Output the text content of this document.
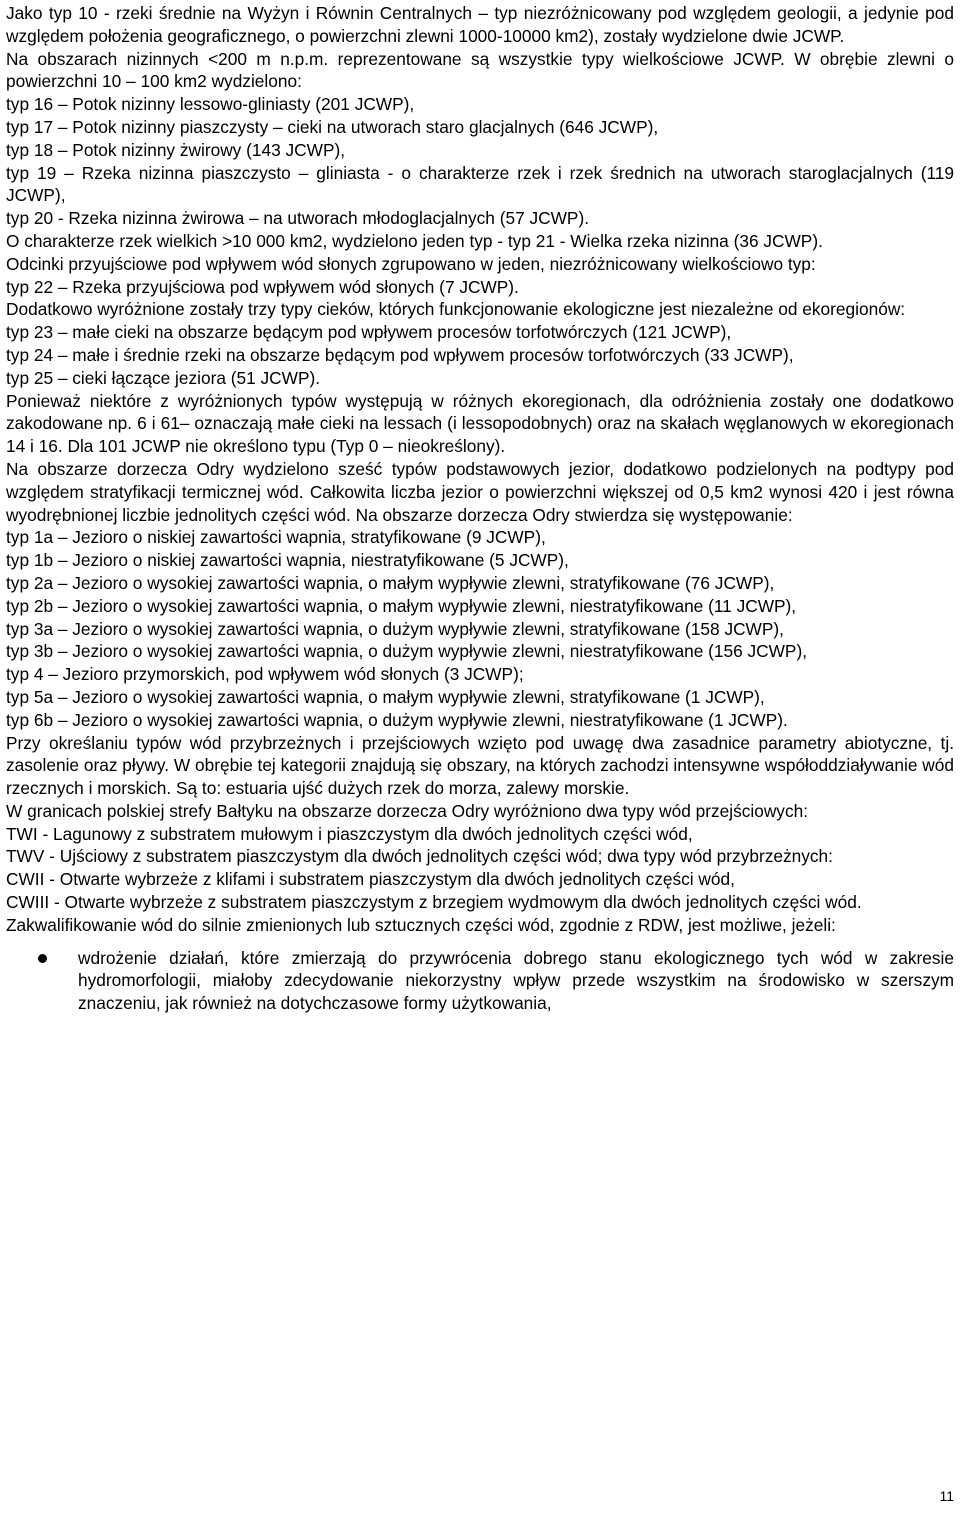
Jako typ 10 - rzeki średnie na Wyżyn i Równin Centralnych – typ niezróżnicowany pod względem geologii, a jedynie pod względem położenia geograficznego, o powierzchni zlewni 1000-10000 km2), zostały wydzielone dwie JCWP.

Na obszarach nizinnych <200 m n.p.m. reprezentowane są wszystkie typy wielkościowe JCWP. W obrębie zlewni o powierzchni 10 – 100 km2 wydzielono:

typ 16 – Potok nizinny lessowo-gliniasty (201 JCWP),

typ 17 – Potok nizinny piaszczysty – cieki na utworach staro glacjalnych (646 JCWP),

typ 18 – Potok nizinny żwirowy (143 JCWP),

typ 19 – Rzeka nizinna piaszczysto – gliniasta - o charakterze rzek i rzek średnich na utworach staroglacjalnych (119 JCWP),

typ 20 - Rzeka nizinna żwirowa – na utworach młodoglacjalnych (57 JCWP).

O charakterze rzek wielkich >10 000 km2, wydzielono jeden typ - typ 21 - Wielka rzeka nizinna (36 JCWP).

Odcinki przyujściowe pod wpływem wód słonych zgrupowano w jeden, niezróżnicowany wielkościowo typ:

typ 22 – Rzeka przyujściowa pod wpływem wód słonych (7 JCWP).

Dodatkowo wyróżnione zostały trzy typy cieków, których funkcjonowanie ekologiczne jest niezależne od ekoregionów:

typ 23 – małe cieki na obszarze będącym pod wpływem procesów torfotwórczych (121 JCWP),

typ 24 – małe i średnie rzeki na obszarze będącym pod wpływem procesów torfotwórczych (33 JCWP),

typ 25 – cieki łączące jeziora (51 JCWP).

Ponieważ niektóre z wyróżnionych typów występują w różnych ekoregionach, dla odróżnienia zostały one dodatkowo zakodowane np. 6 i 61– oznaczają małe cieki na lessach (i lessopodobnych) oraz na skałach węglanowych w ekoregionach 14 i 16. Dla 101 JCWP nie określono typu (Typ 0 – nieokreślony).

Na obszarze dorzecza Odry wydzielono sześć typów podstawowych jezior, dodatkowo podzielonych na podtypy pod względem stratyfikacji termicznej wód. Całkowita liczba jezior o powierzchni większej od 0,5 km2 wynosi 420 i jest równa wyodrębnionej liczbie jednolitych części wód. Na obszarze dorzecza Odry stwierdza się występowanie:

typ 1a – Jezioro o niskiej zawartości wapnia, stratyfikowane (9 JCWP),

typ 1b – Jezioro o niskiej zawartości wapnia, niestratyfikowane (5 JCWP),

typ 2a – Jezioro o wysokiej zawartości wapnia, o małym wypływie zlewni, stratyfikowane (76 JCWP),

typ 2b – Jezioro o wysokiej zawartości wapnia, o małym wypływie zlewni, niestratyfikowane (11 JCWP),

typ 3a – Jezioro o wysokiej zawartości wapnia, o dużym wypływie zlewni, stratyfikowane (158 JCWP),

typ 3b – Jezioro o wysokiej zawartości wapnia, o dużym wypływie zlewni, niestratyfikowane (156 JCWP),

typ 4 – Jezioro przymorskich, pod wpływem wód słonych (3 JCWP);

typ 5a – Jezioro o wysokiej zawartości wapnia, o małym wypływie zlewni, stratyfikowane (1 JCWP),

typ 6b – Jezioro o wysokiej zawartości wapnia, o dużym wypływie zlewni, niestratyfikowane (1 JCWP).

Przy określaniu typów wód przybrzeżnych i przejściowych wzięto pod uwagę dwa zasadnice parametry abiotyczne, tj. zasolenie oraz pływy. W obrębie tej kategorii znajdują się obszary, na których zachodzi intensywne współoddziaływanie wód rzecznych i morskich. Są to: estuaria ujść dużych rzek do morza, zalewy morskie.

W granicach polskiej strefy Bałtyku na obszarze dorzecza Odry wyróżniono dwa typy wód przejściowych:

TWI - Lagunowy z substratem mułowym i piaszczystym dla dwóch jednolitych części wód,

TWV - Ujściowy z substratem piaszczystym dla dwóch jednolitych części wód; dwa typy wód przybrzeżnych:

CWII - Otwarte wybrzeże z klifami i substratem piaszczystym dla dwóch jednolitych części wód,

CWIII - Otwarte wybrzeże z substratem piaszczystym z brzegiem wydmowym dla dwóch jednolitych części wód.

Zakwalifikowanie wód do silnie zmienionych lub sztucznych części wód, zgodnie z RDW, jest możliwe, jeżeli:

wdrożenie działań, które zmierzają do przywrócenia dobrego stanu ekologicznego tych wód w zakresie hydromorfologii, miałoby zdecydowanie niekorzystny wpływ przede wszystkim na środowisko w szerszym znaczeniu, jak również na dotychczasowe formy użytkowania,
11
